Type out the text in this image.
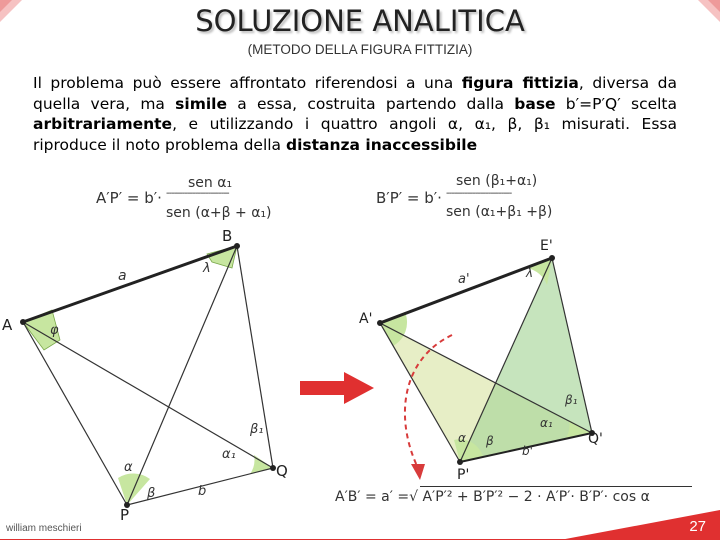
SOLUZIONE ANALITICA
(METODO DELLA FIGURA FITTIZIA)
Il problema può essere affrontato riferendosi a una figura fittizia, diversa da quella vera, ma simile a essa, costruita partendo dalla base b′=P′Q′ scelta arbitrariamente, e utilizzando i quattro angoli α, α₁, β, β₁ misurati. Essa riproduce il noto problema della distanza inaccessibile
A′P′ = b′·
sen α₁
------------------------
sen (α+β + α₁)
B′P′ = b′·
sen (β₁+α₁)
-------------------------
sen (α₁+β₁ +β)
A
B
P
Q
a
b
φ
λ
α
α₁
β
β₁
A'
E'
P'
Q'
a'
b'
λ
α
α₁
β
β₁
A′B′ = a′ =√ A′P′² + B′P′² − 2 · A′P′· B′P′· cos α
william meschieri	27
